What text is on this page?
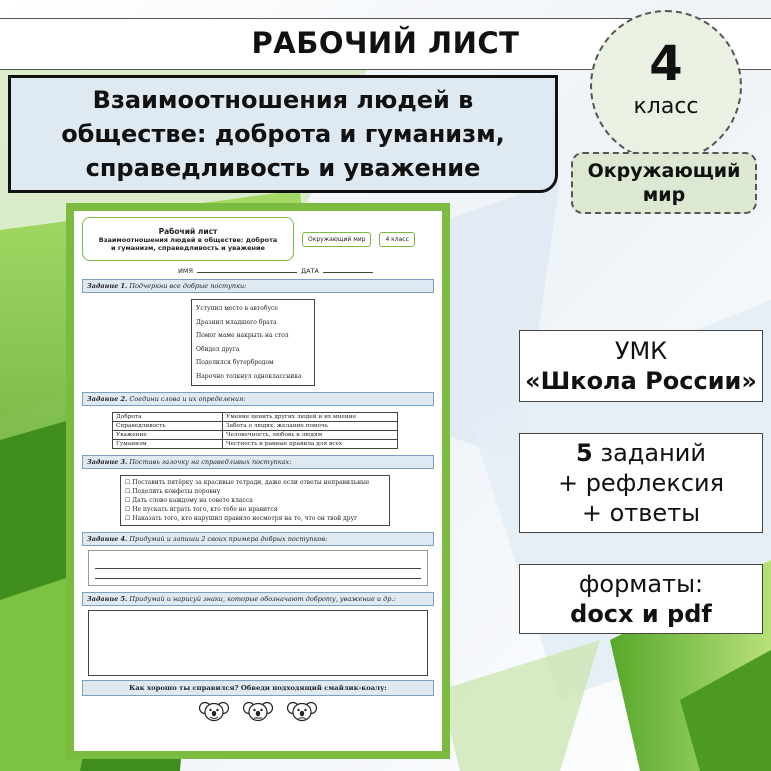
РАБОЧИЙ ЛИСТ
Взаимоотношения людей в
обществе: доброта и гуманизм,
справедливость и уважение
4
класс
Окружающий
мир
УМК
«Школа России»
5 заданий
+ рефлексия
+ ответы
форматы:
docx и pdf
Рабочий лист
Взаимоотношения людей в обществе: доброта
и гуманизм, справедливость и уважение
Окружающий мир	4 класс
ИМЯ	ДАТА
Задание 1. Подчеркни все добрые поступки:
Уступил место в автобусе
Дразнил младшего брата
Помог маме накрыть на стол
Обидел друга
Поделился бутербродом
Нарочно толкнул одноклассника
Задание 2. Соедини слова и их определения:
Доброта	Умение ценить других людей и их мнение
Справедливость	Забота о людях, желание помочь
Уважение	Человечность, любовь к людям
Гуманизм	Честность и равные правила для всех
Задание 3. Поставь галочку на справедливых поступках:
☐ Поставить пятёрку за красивые тетради, даже если ответы неправильные
☐ Поделить конфеты поровну
☐ Дать слово каждому на совете класса
☐ Не пускать играть того, кто тебе не нравится
☐ Наказать того, кто нарушил правило несмотря на то, что он твой друг
Задание 4. Придумай и запиши 2 своих примера добрых поступков:
Задание 5. Придумай и нарисуй знаки, которые обозначают доброту, уважение и др.:
Как хорошо ты справился? Обведи подходящий смайлик-коалу:
